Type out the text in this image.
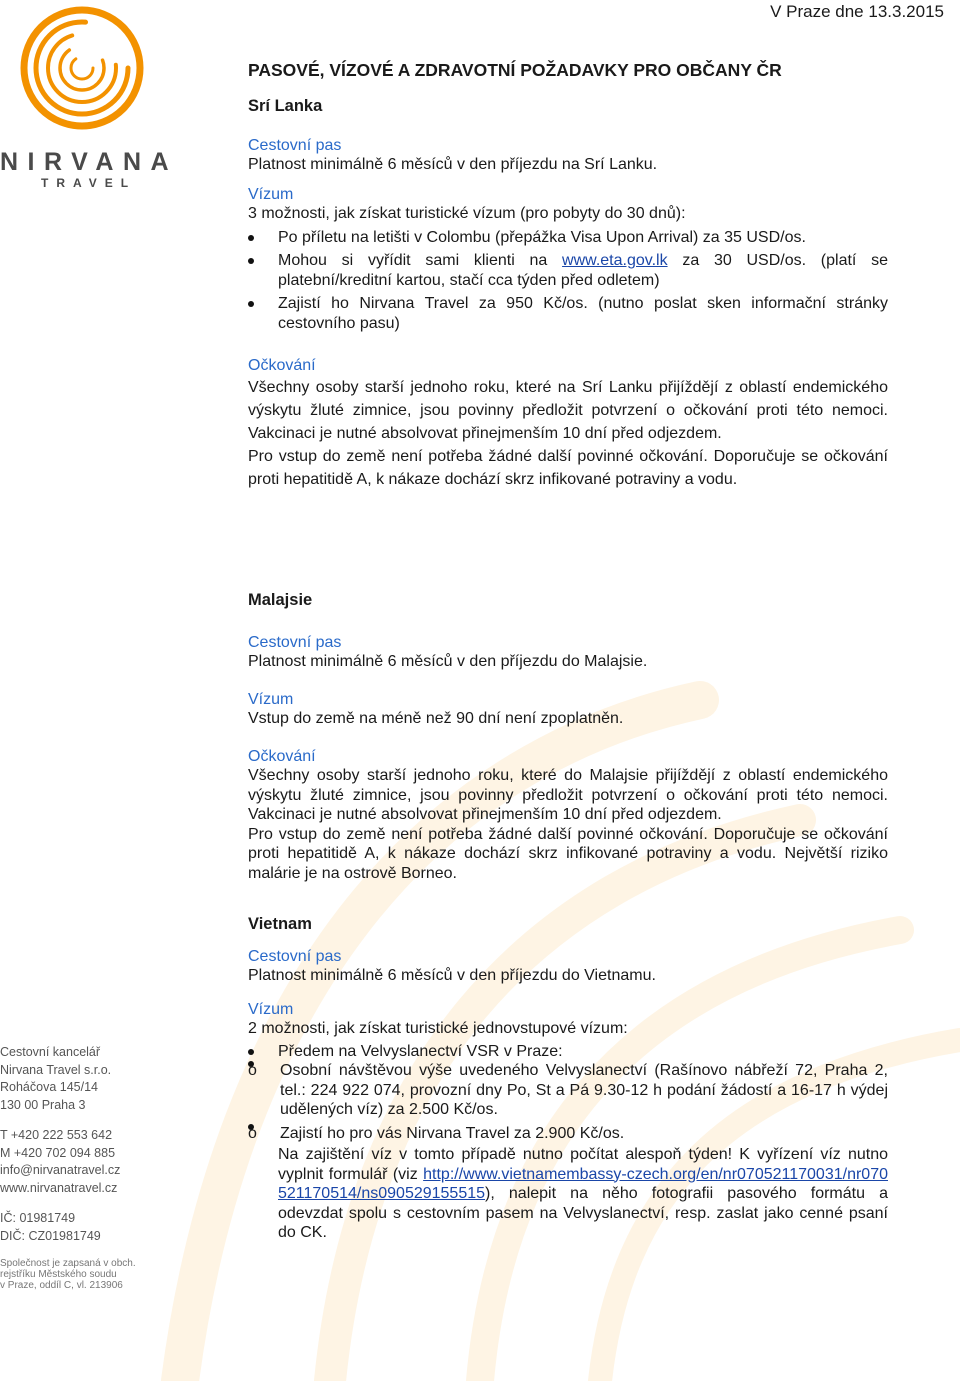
NIRVANA
TRAVEL
V Praze dne 13.3.2015
PASOVÉ, VÍZOVÉ A ZDRAVOTNÍ POŽADAVKY PRO OBČANY ČR
Srí Lanka
Cestovní pas
Platnost minimálně 6 měsíců v den příjezdu na Srí Lanku.
Vízum
3 možnosti, jak získat turistické vízum (pro pobyty do 30 dnů):
Po příletu na letišti v Colombu (přepážka Visa Upon Arrival) za 35 USD/os.
Mohou si vyřídit sami klienti na www.eta.gov.lk za 30 USD/os. (platí se platební/kreditní kartou, stačí cca týden před odletem)
Zajistí ho Nirvana Travel za 950 Kč/os. (nutno poslat sken informační stránky cestovního pasu)
Očkování
Všechny osoby starší jednoho roku, které na Srí Lanku přijíždějí z oblastí endemického výskytu žluté zimnice, jsou povinny předložit potvrzení o očkování proti této nemoci. Vakcinaci je nutné absolvovat přinejmenším 10 dní před odjezdem.
Pro vstup do země není potřeba žádné další povinné očkování. Doporučuje se očkování proti hepatitidě A, k nákaze dochází skrz infikované potraviny a vodu.
Malajsie
Cestovní pas
Platnost minimálně 6 měsíců v den příjezdu do Malajsie.
Vízum
Vstup do země na méně než 90 dní není zpoplatněn.
Očkování
Všechny osoby starší jednoho roku, které do Malajsie přijíždějí z oblastí endemického výskytu žluté zimnice, jsou povinny předložit potvrzení o očkování proti této nemoci. Vakcinaci je nutné absolvovat přinejmenším 10 dní před odjezdem.
Pro vstup do země není potřeba žádné další povinné očkování. Doporučuje se očkování proti hepatitidě A, k nákaze dochází skrz infikované potraviny a vodu. Největší riziko malárie je na ostrově Borneo.
Vietnam
Cestovní pas
Platnost minimálně 6 měsíců v den příjezdu do Vietnamu.
Vízum
2 možnosti, jak získat turistické jednovstupové vízum:
Předem na Velvyslanectví VSR v Praze:
o Osobní návštěvou výše uvedeného Velvyslanectví (Rašínovo nábřeží 72, Praha 2, tel.: 224 922 074, provozní dny Po, St a Pá 9.30-12 h podání žádostí a 16-17 h výdej udělených víz) za 2.500 Kč/os.
o Zajistí ho pro vás Nirvana Travel za 2.900 Kč/os.
Na zajištění víz v tomto případě nutno počítat alespoň týden! K vyřízení víz nutno vyplnit formulář (viz http://www.vietnamembassy-czech.org/en/nr070521170031/nr070521170514/ns090529155515), nalepit na něho fotografii pasového formátu a odevzdat spolu s cestovním pasem na Velvyslanectví, resp. zaslat jako cenné psaní do CK.
Cestovní kancelář
Nirvana Travel s.r.o.
Roháčova 145/14
130 00 Praha 3
T +420 222 553 642
M +420 702 094 885
info@nirvanatravel.cz
www.nirvanatravel.cz
IČ: 01981749
DIČ: CZ01981749
Společnost je zapsaná v obch.
rejstříku Městského soudu
v Praze, oddíl C, vl. 213906
